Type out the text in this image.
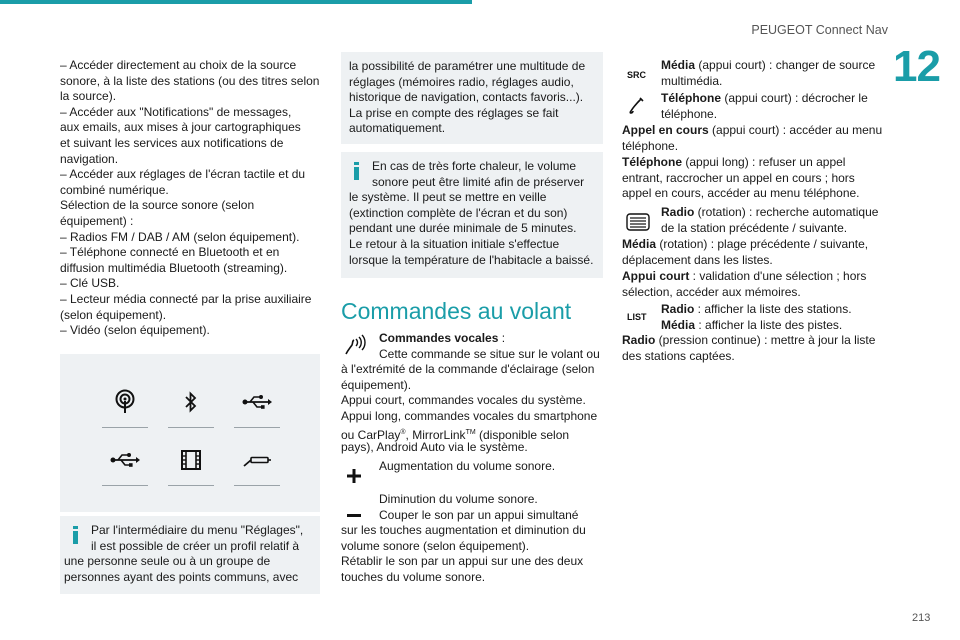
PEUGEOT Connect Nav
12
213
– Accéder directement au choix de la source
sonore, à la liste des stations (ou des titres selon
la source).
– Accéder aux "Notifications" de messages,
aux emails, aux mises à jour cartographiques
et suivant les services aux notifications de
navigation.
– Accéder aux réglages de l'écran tactile et du
combiné numérique.
Sélection de la source sonore (selon
équipement) :
– Radios FM / DAB / AM (selon équipement).
– Téléphone connecté en Bluetooth et en
diffusion multimédia Bluetooth (streaming).
– Clé USB.
– Lecteur média connecté par la prise auxiliaire
(selon équipement).
– Vidéo (selon équipement).
Par l'intermédiaire du menu "Réglages",
il est possible de créer un profil relatif à
une personne seule ou à un groupe de
personnes ayant des points communs, avec
la possibilité de paramétrer une multitude de
réglages (mémoires radio, réglages audio,
historique de navigation, contacts favoris...).
La prise en compte des réglages se fait
automatiquement.
En cas de très forte chaleur, le volume
sonore peut être limité afin de préserver
le système. Il peut se mettre en veille
(extinction complète de l'écran et du son)
pendant une durée minimale de 5 minutes.
Le retour à la situation initiale s'effectue
lorsque la température de l'habitacle a baissé.
Commandes au volant
Commandes vocales :
Cette commande se situe sur le volant ou
à l'extrémité de la commande d'éclairage (selon
équipement).
Appui court, commandes vocales du système.
Appui long, commandes vocales du smartphone
ou CarPlay®, MirrorLink™ (disponible selon
pays), Android Auto via le système.
Augmentation du volume sonore.
Diminution du volume sonore.
Couper le son par un appui simultané
sur les touches augmentation et diminution du
volume sonore (selon équipement).
Rétablir le son par un appui sur une des deux
touches du volume sonore.
SRC
Média (appui court) : changer de source
multimédia.
Téléphone (appui court) : décrocher le
téléphone.
Appel en cours (appui court) : accéder au menu
téléphone.
Téléphone (appui long) : refuser un appel
entrant, raccrocher un appel en cours ; hors
appel en cours, accéder au menu téléphone.
Radio (rotation) : recherche automatique
de la station précédente / suivante.
Média (rotation) : plage précédente / suivante,
déplacement dans les listes.
Appui court : validation d'une sélection ; hors
sélection, accéder aux mémoires.
LIST
Radio : afficher la liste des stations.
Média : afficher la liste des pistes.
Radio (pression continue) : mettre à jour la liste
des stations captées.
